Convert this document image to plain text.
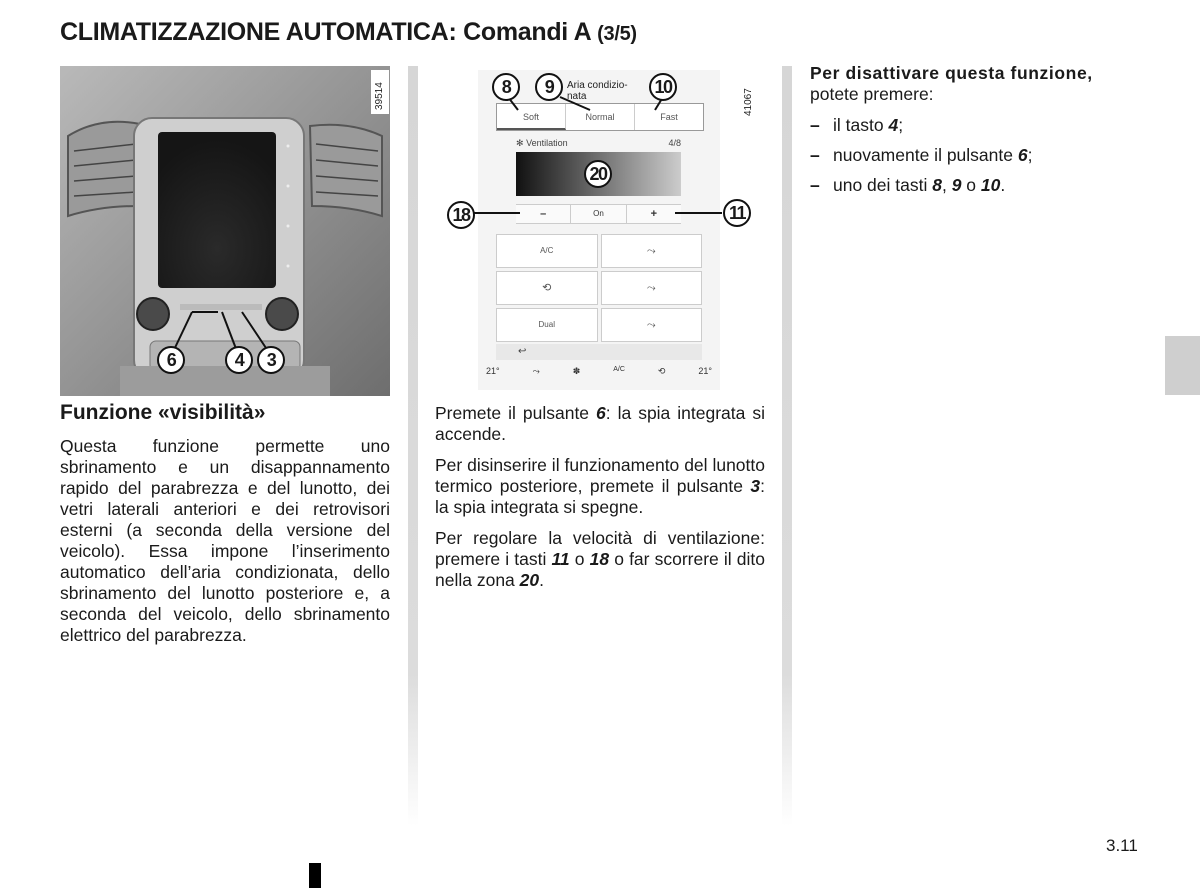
CLIMATIZZAZIONE AUTOMATICA: Comandi A (3/5)
6	4	3
39514
Funzione «visibilità»

Questa funzione permette uno sbrinamento e un disappannamento rapido del parabrezza e del lunotto, dei vetri laterali anteriori e dei retrovisori esterni (a seconda della versione del veicolo). Essa impone l’inserimento automatico dell’aria condizionata, dello sbrinamento del lunotto posteriore e, a seconda del veicolo, dello sbrinamento elettrico del parabrezza.

Soft	Normal	Fast
✻ Ventilation	4/8
–	On	+
A/C	⤳
⟲	⤳
Dual	⤳
↩
21°	⤳	✽	A/C	⟲	21°
Aria condizio-
nata
8	9	10
20
18	11
41067

Premete il pulsante 6: la spia integrata si accende.

Per disinserire il funzionamento del lunotto termico posteriore, premete il pulsante 3: la spia integrata si spegne.

Per regolare la velocità di ventilazione: premere i tasti 11 o 18 o far scorrere il dito nella zona 20.

Per disattivare questa funzione,
potete premere:
– il tasto 4;
– nuovamente il pulsante 6;
– uno dei tasti 8, 9 o 10.
3.11
